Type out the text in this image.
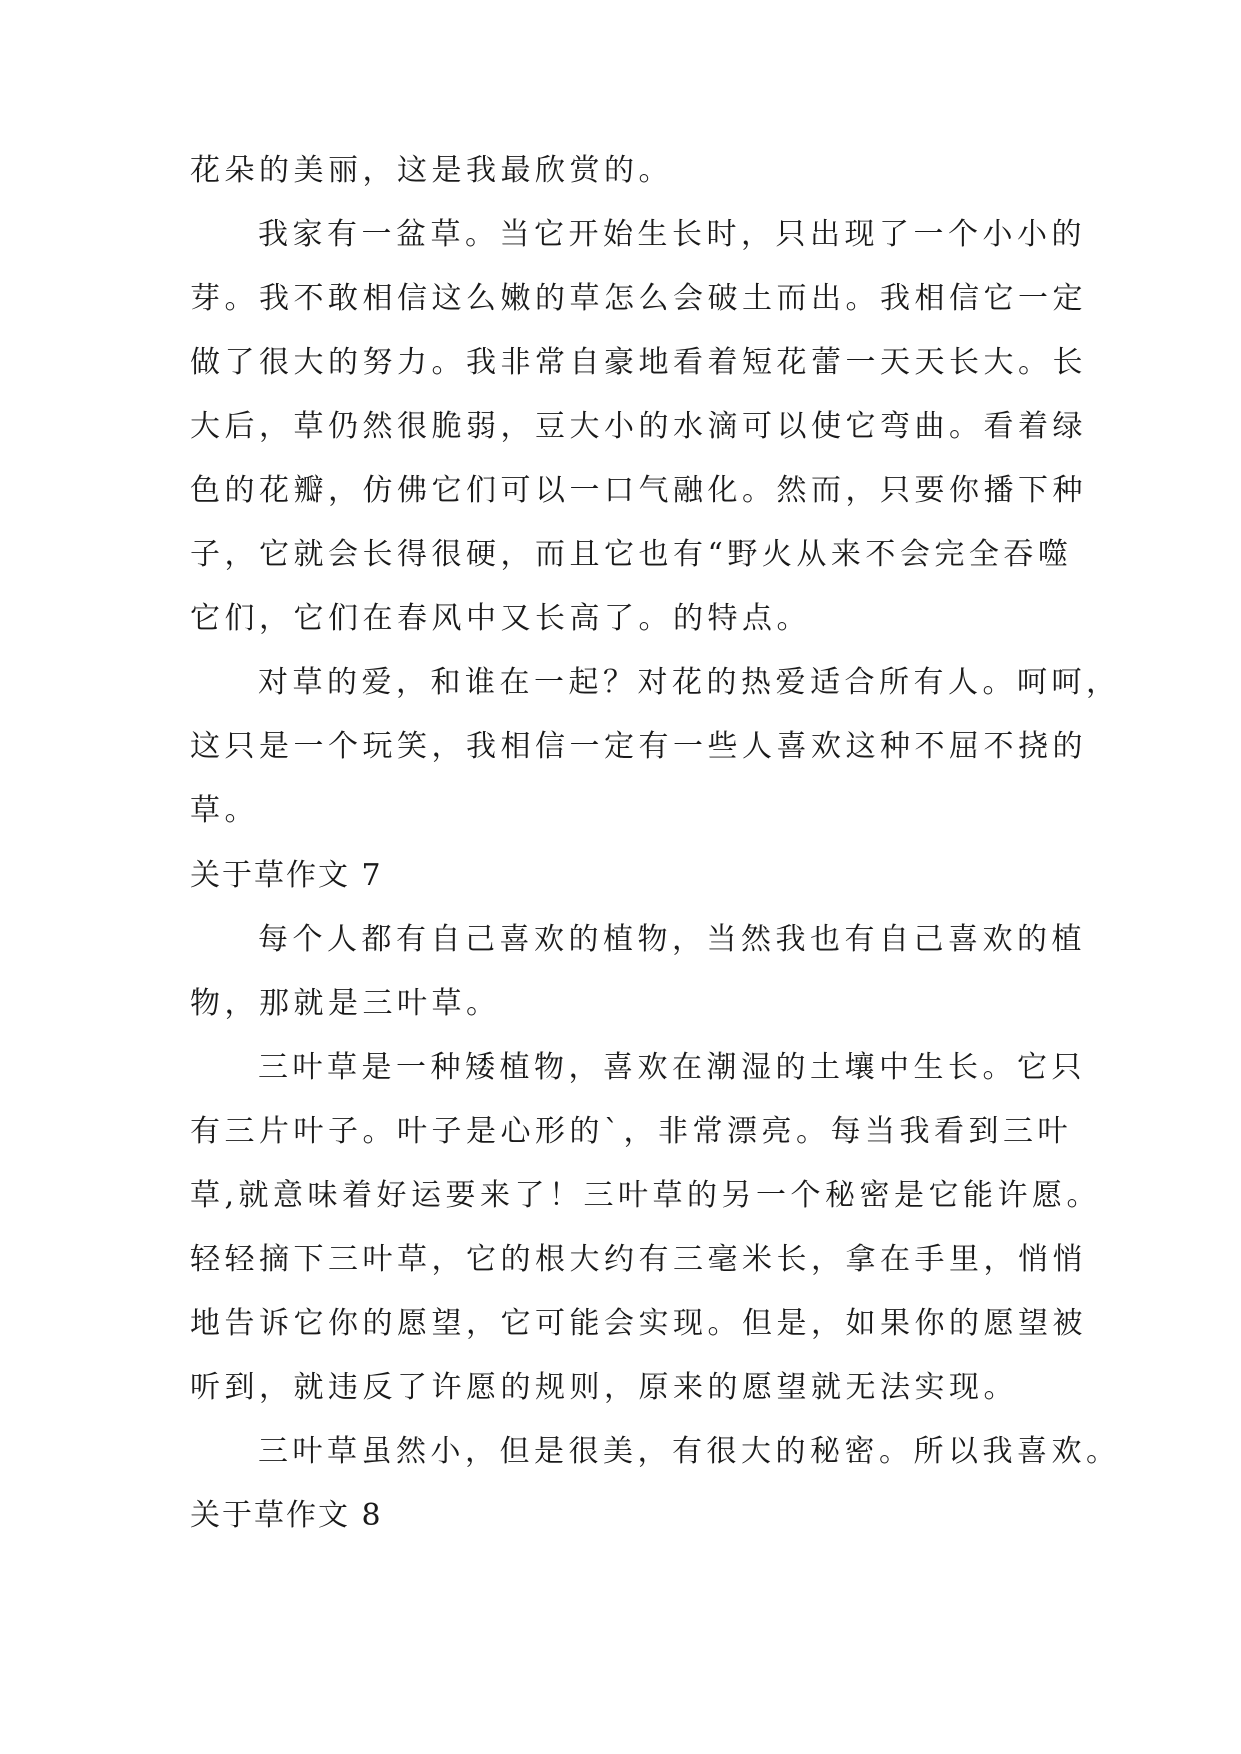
花朵的美丽，这是我最欣赏的。
我家有一盆草。当它开始生长时，只出现了一个小小的
芽。我不敢相信这么嫩的草怎么会破土而出。我相信它一定
做了很大的努力。我非常自豪地看着短花蕾一天天长大。长
大后，草仍然很脆弱，豆大小的水滴可以使它弯曲。看着绿
色的花瓣，仿佛它们可以一口气融化。然而，只要你播下种
子，它就会长得很硬，而且它也有“野火从来不会完全吞噬
它们，它们在春风中又长高了。的特点。
对草的爱，和谁在一起？对花的热爱适合所有人。呵呵，
这只是一个玩笑，我相信一定有一些人喜欢这种不屈不挠的
草。
关于草作文 7
每个人都有自己喜欢的植物，当然我也有自己喜欢的植
物，那就是三叶草。
三叶草是一种矮植物，喜欢在潮湿的土壤中生长。它只
有三片叶子。叶子是心形的`，非常漂亮。每当我看到三叶
草,就意味着好运要来了！三叶草的另一个秘密是它能许愿。
轻轻摘下三叶草，它的根大约有三毫米长，拿在手里，悄悄
地告诉它你的愿望，它可能会实现。但是，如果你的愿望被
听到，就违反了许愿的规则，原来的愿望就无法实现。
三叶草虽然小，但是很美，有很大的秘密。所以我喜欢。
关于草作文 8
